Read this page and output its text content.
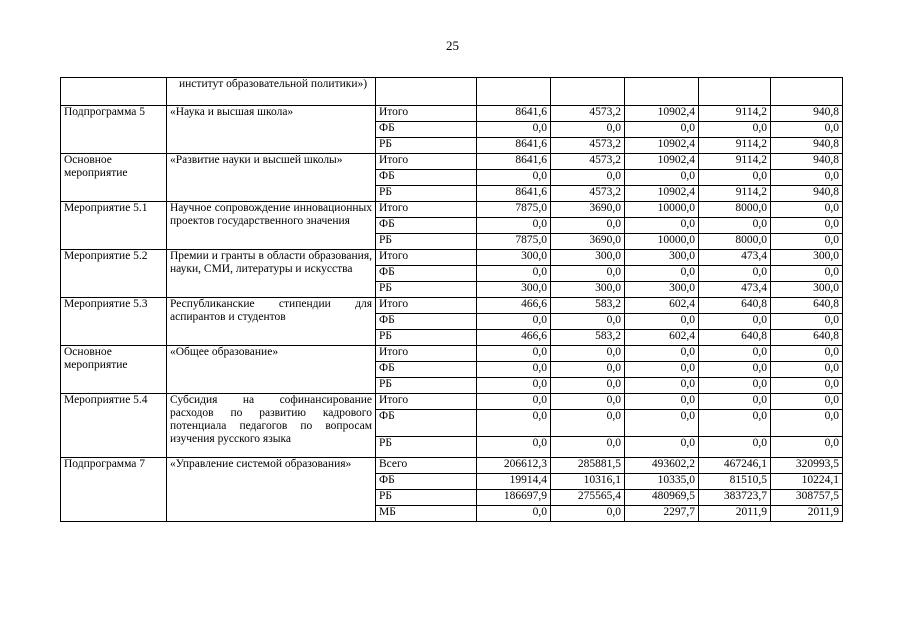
25
	институт образовательной политики»)						
Подпрограмма 5	«Наука и высшая школа»	Итого	8641,6	4573,2	10902,4	9114,2	940,8
		ФБ	0,0	0,0	0,0	0,0	0,0
		РБ	8641,6	4573,2	10902,4	9114,2	940,8
Основное мероприятие	«Развитие науки и высшей школы»	Итого	8641,6	4573,2	10902,4	9114,2	940,8
		ФБ	0,0	0,0	0,0	0,0	0,0
		РБ	8641,6	4573,2	10902,4	9114,2	940,8
Мероприятие 5.1	Научное сопровождение инновационных проектов государственного значения	Итого	7875,0	3690,0	10000,0	8000,0	0,0
		ФБ	0,0	0,0	0,0	0,0	0,0
		РБ	7875,0	3690,0	10000,0	8000,0	0,0
Мероприятие 5.2	Премии и гранты в области образования, науки, СМИ, литературы и искусства	Итого	300,0	300,0	300,0	473,4	300,0
		ФБ	0,0	0,0	0,0	0,0	0,0
		РБ	300,0	300,0	300,0	473,4	300,0
Мероприятие 5.3	Республиканские стипендии для аспирантов и студентов	Итого	466,6	583,2	602,4	640,8	640,8
		ФБ	0,0	0,0	0,0	0,0	0,0
		РБ	466,6	583,2	602,4	640,8	640,8
Основное мероприятие	«Общее образование»	Итого	0,0	0,0	0,0	0,0	0,0
		ФБ	0,0	0,0	0,0	0,0	0,0
		РБ	0,0	0,0	0,0	0,0	0,0
Мероприятие 5.4	Субсидия на софинансирование расходов по развитию кадрового потенциала педагогов по вопросам изучения русского языка	Итого	0,0	0,0	0,0	0,0	0,0
		ФБ	0,0	0,0	0,0	0,0	0,0
		РБ	0,0	0,0	0,0	0,0	0,0
Подпрограмма 7	«Управление системой образования»	Всего	206612,3	285881,5	493602,2	467246,1	320993,5
		ФБ	19914,4	10316,1	10335,0	81510,5	10224,1
		РБ	186697,9	275565,4	480969,5	383723,7	308757,5
		МБ	0,0	0,0	2297,7	2011,9	2011,9
